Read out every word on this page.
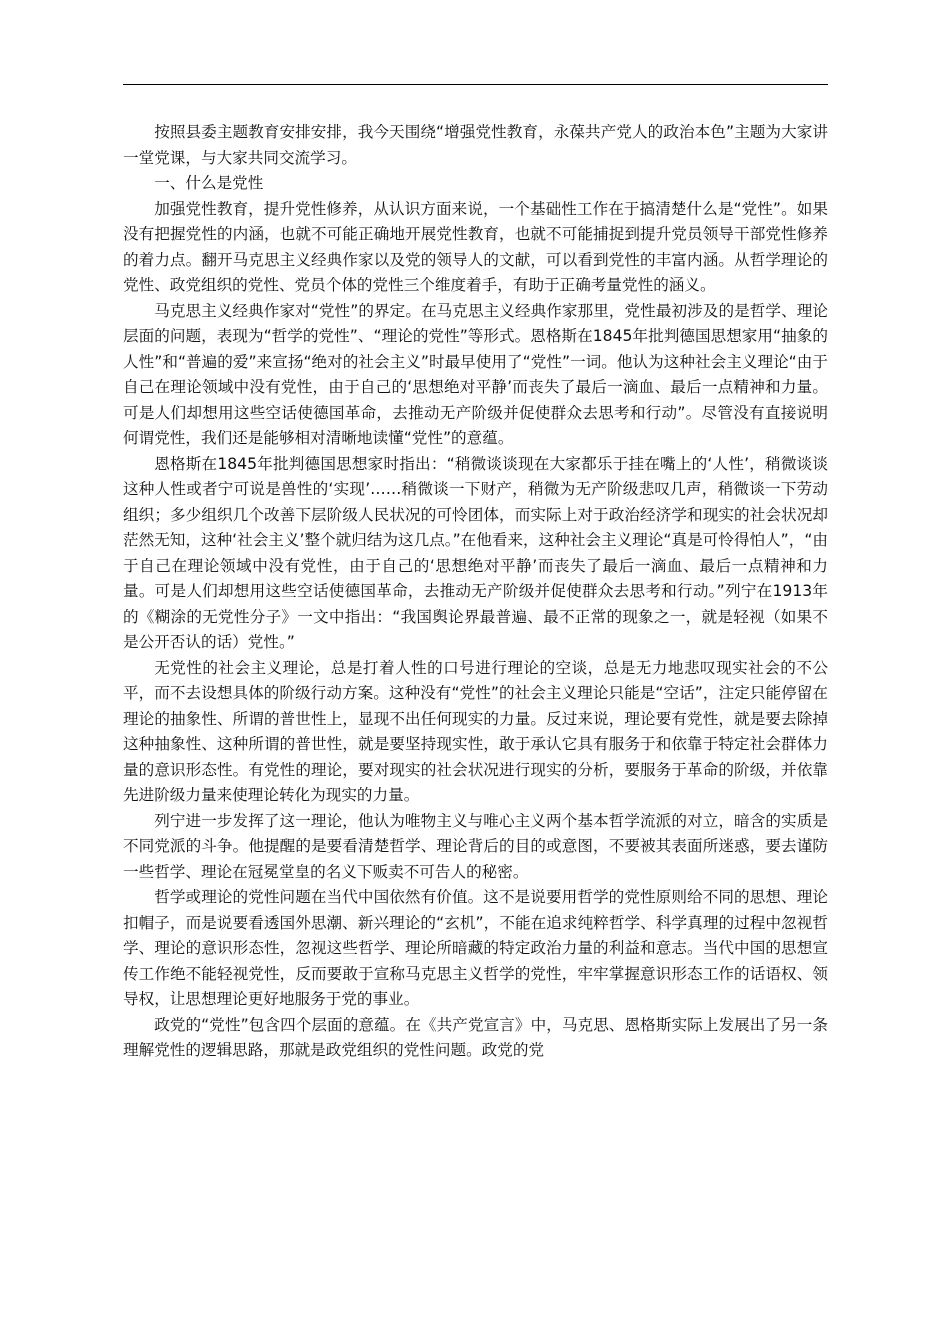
按照县委主题教育安排安排，我今天围绕“增强党性教育，永葆共产党人的政治本色”主题为大家讲一堂党课，与大家共同交流学习。

一、什么是党性

加强党性教育，提升党性修养，从认识方面来说，一个基础性工作在于搞清楚什么是“党性”。如果没有把握党性的内涵，也就不可能正确地开展党性教育，也就不可能捕捉到提升党员领导干部党性修养的着力点。翻开马克思主义经典作家以及党的领导人的文献，可以看到党性的丰富内涵。从哲学理论的党性、政党组织的党性、党员个体的党性三个维度着手，有助于正确考量党性的涵义。

马克思主义经典作家对“党性”的界定。在马克思主义经典作家那里，党性最初涉及的是哲学、理论层面的问题，表现为“哲学的党性”、“理论的党性”等形式。恩格斯在1845年批判德国思想家用“抽象的人性”和“普遍的爱”来宣扬“绝对的社会主义”时最早使用了“党性”一词。他认为这种社会主义理论“由于自己在理论领域中没有党性，由于自己的‘思想绝对平静’而丧失了最后一滴血、最后一点精神和力量。可是人们却想用这些空话使德国革命，去推动无产阶级并促使群众去思考和行动”。尽管没有直接说明何谓党性，我们还是能够相对清晰地读懂“党性”的意蕴。

恩格斯在1845年批判德国思想家时指出：“稍微谈谈现在大家都乐于挂在嘴上的‘人性’，稍微谈谈这种人性或者宁可说是兽性的‘实现’……稍微谈一下财产，稍微为无产阶级悲叹几声，稍微谈一下劳动组织；多少组织几个改善下层阶级人民状况的可怜团体，而实际上对于政治经济学和现实的社会状况却茫然无知，这种‘社会主义’整个就归结为这几点。”在他看来，这种社会主义理论“真是可怜得怕人”，“由于自己在理论领域中没有党性，由于自己的‘思想绝对平静’而丧失了最后一滴血、最后一点精神和力量。可是人们却想用这些空话使德国革命，去推动无产阶级并促使群众去思考和行动。”列宁在1913年的《糊涂的无党性分子》一文中指出：“我国舆论界最普遍、最不正常的现象之一，就是轻视（如果不是公开否认的话）党性。”

无党性的社会主义理论，总是打着人性的口号进行理论的空谈，总是无力地悲叹现实社会的不公平，而不去设想具体的阶级行动方案。这种没有“党性”的社会主义理论只能是“空话”，注定只能停留在理论的抽象性、所谓的普世性上，显现不出任何现实的力量。反过来说，理论要有党性，就是要去除掉这种抽象性、这种所谓的普世性，就是要坚持现实性，敢于承认它具有服务于和依靠于特定社会群体力量的意识形态性。有党性的理论，要对现实的社会状况进行现实的分析，要服务于革命的阶级，并依靠先进阶级力量来使理论转化为现实的力量。

列宁进一步发挥了这一理论，他认为唯物主义与唯心主义两个基本哲学流派的对立，暗含的实质是不同党派的斗争。他提醒的是要看清楚哲学、理论背后的目的或意图，不要被其表面所迷惑，要去谨防一些哲学、理论在冠冕堂皇的名义下贩卖不可告人的秘密。

哲学或理论的党性问题在当代中国依然有价值。这不是说要用哲学的党性原则给不同的思想、理论扣帽子，而是说要看透国外思潮、新兴理论的“玄机”，不能在追求纯粹哲学、科学真理的过程中忽视哲学、理论的意识形态性，忽视这些哲学、理论所暗藏的特定政治力量的利益和意志。当代中国的思想宣传工作绝不能轻视党性，反而要敢于宣称马克思主义哲学的党性，牢牢掌握意识形态工作的话语权、领导权，让思想理论更好地服务于党的事业。

政党的“党性”包含四个层面的意蕴。在《共产党宣言》中，马克思、恩格斯实际上发展出了另一条理解党性的逻辑思路，那就是政党组织的党性问题。政党的党
